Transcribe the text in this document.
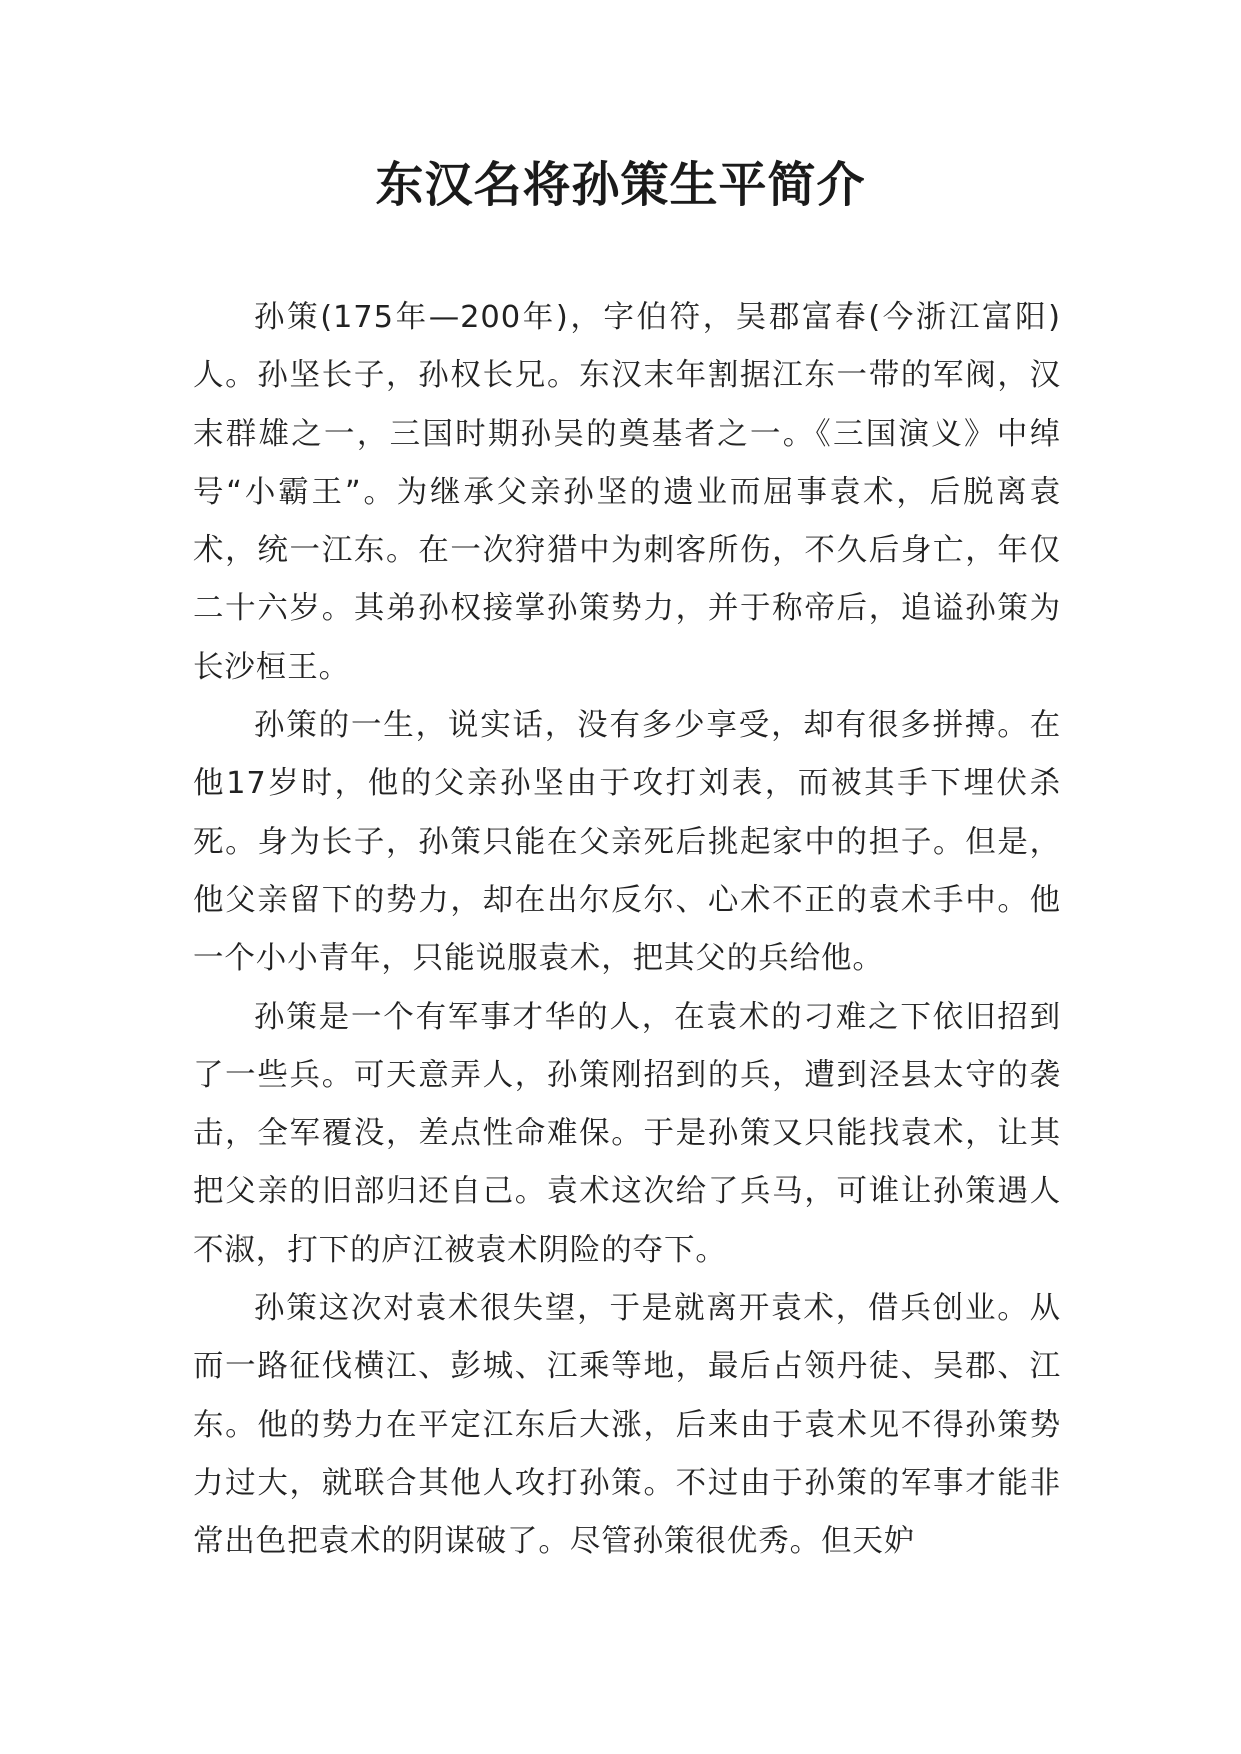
东汉名将孙策生平简介

孙策(175年—200年)，字伯符，吴郡富春(今浙江富阳)人。孙坚长子，孙权长兄。东汉末年割据江东一带的军阀，汉末群雄之一，三国时期孙吴的奠基者之一。《三国演义》中绰号“小霸王”。为继承父亲孙坚的遗业而屈事袁术，后脱离袁术，统一江东。在一次狩猎中为刺客所伤，不久后身亡，年仅二十六岁。其弟孙权接掌孙策势力，并于称帝后，追谥孙策为长沙桓王。

孙策的一生，说实话，没有多少享受，却有很多拼搏。在他17岁时，他的父亲孙坚由于攻打刘表，而被其手下埋伏杀死。身为长子，孙策只能在父亲死后挑起家中的担子。但是，他父亲留下的势力，却在出尔反尔、心术不正的袁术手中。他一个小小青年，只能说服袁术，把其父的兵给他。

孙策是一个有军事才华的人，在袁术的刁难之下依旧招到了一些兵。可天意弄人，孙策刚招到的兵，遭到泾县太守的袭击，全军覆没，差点性命难保。于是孙策又只能找袁术，让其把父亲的旧部归还自己。袁术这次给了兵马，可谁让孙策遇人不淑，打下的庐江被袁术阴险的夺下。

孙策这次对袁术很失望，于是就离开袁术，借兵创业。从而一路征伐横江、彭城、江乘等地，最后占领丹徒、吴郡、江东。他的势力在平定江东后大涨，后来由于袁术见不得孙策势力过大，就联合其他人攻打孙策。不过由于孙策的军事才能非常出色把袁术的阴谋破了。尽管孙策很优秀。但天妒
